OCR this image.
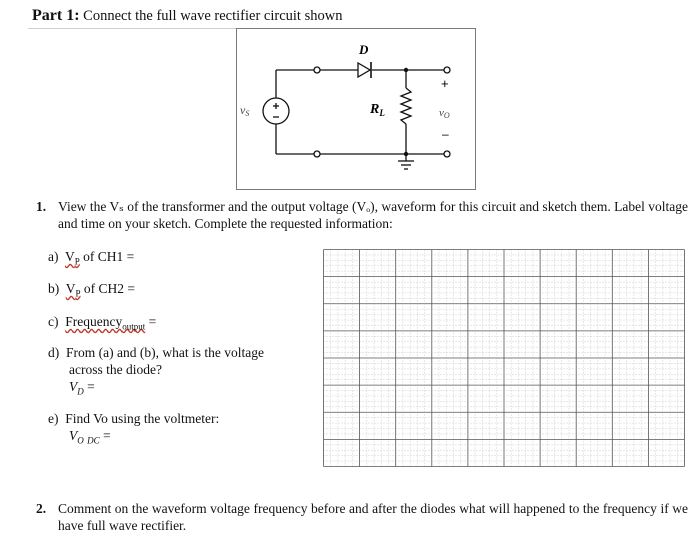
Part 1: Connect the full wave rectifier circuit shown
D
$R_L$
vS
+
vO
–
1. View the Vₛ of the transformer and the output voltage (Vₒ), waveform for this circuit and sketch them. Label voltage and time on your sketch. Complete the requested information:
a) $V_P$ of CH1 =
b) $V_P$ of CH2 =
c) Frequency$_{output}$ =
d) From (a) and (b), what is the voltage
across the diode?
$V_D$ =
e) Find Vo using the voltmeter:
$V_O$ $_{DC}$ =
2. Comment on the waveform voltage frequency before and after the diodes what will happened to the frequency if we have full wave rectifier.
